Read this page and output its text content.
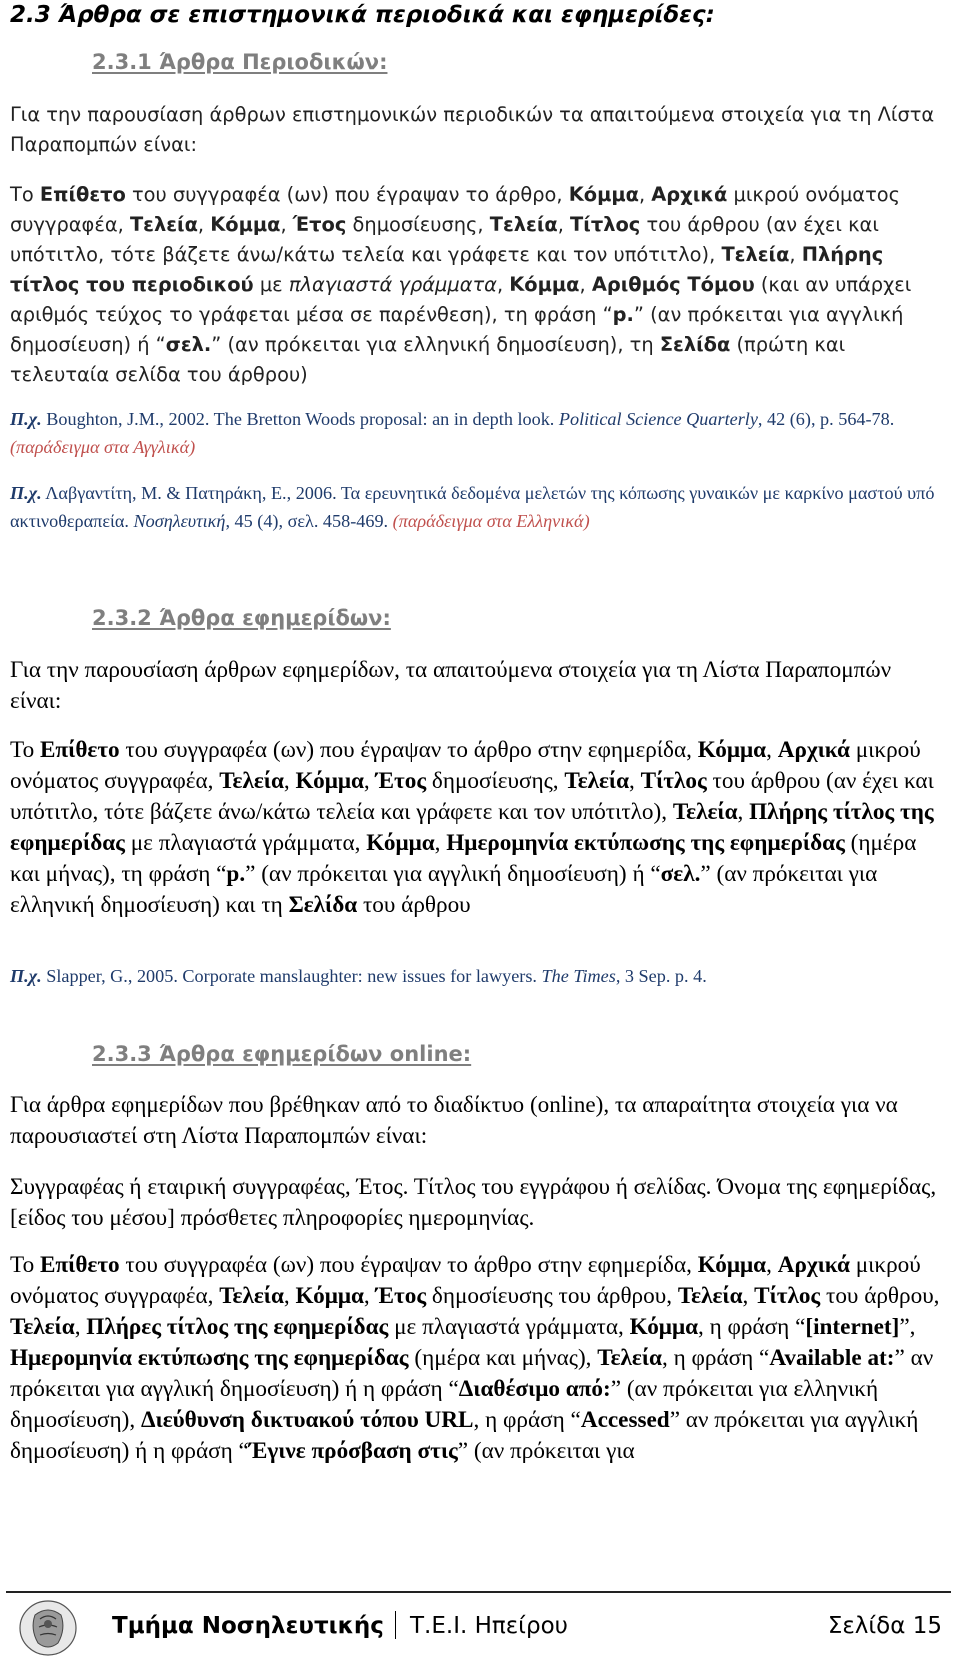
2.3 Άρθρα σε επιστημονικά περιοδικά και εφημερίδες:
2.3.1 Άρθρα Περιοδικών:

Για την παρουσίαση άρθρων επιστημονικών περιοδικών τα απαιτούμενα στοιχεία για τη Λίστα Παραπομπών είναι:

Το Επίθετο του συγγραφέα (ων) που έγραψαν το άρθρο, Κόμμα, Αρχικά μικρού ονόματος συγγραφέα, Τελεία, Κόμμα, Έτος δημοσίευσης, Τελεία, Τίτλος του άρθρου (αν έχει και υπότιτλο, τότε βάζετε άνω/κάτω τελεία και γράφετε και τον υπότιτλο), Τελεία, Πλήρης τίτλος του περιοδικού με πλαγιαστά γράμματα, Κόμμα, Αριθμός Τόμου (και αν υπάρχει αριθμός τεύχος το γράφεται μέσα σε παρένθεση), τη φράση “p.” (αν πρόκειται για αγγλική δημοσίευση) ή “σελ.” (αν πρόκειται για ελληνική δημοσίευση), τη Σελίδα (πρώτη και τελευταία σελίδα του άρθρου)

Π.χ. Boughton, J.M., 2002. The Bretton Woods proposal: an in depth look. Political Science Quarterly, 42 (6), p. 564-78. (παράδειγμα στα Αγγλικά)

Π.χ. Λαβγαντίτη, Μ. & Πατηράκη, Ε., 2006. Τα ερευνητικά δεδομένα μελετών της κόπωσης γυναικών με καρκίνο μαστού υπό ακτινοθεραπεία. Νοσηλευτική, 45 (4), σελ. 458-469. (παράδειγμα στα Ελληνικά)

2.3.2 Άρθρα εφημερίδων:

Για την παρουσίαση άρθρων εφημερίδων, τα απαιτούμενα στοιχεία για τη Λίστα Παραπομπών είναι:

Το Επίθετο του συγγραφέα (ων) που έγραψαν το άρθρο στην εφημερίδα, Κόμμα, Αρχικά μικρού ονόματος συγγραφέα, Τελεία, Κόμμα, Έτος δημοσίευσης, Τελεία, Τίτλος του άρθρου (αν έχει και υπότιτλο, τότε βάζετε άνω/κάτω τελεία και γράφετε και τον υπότιτλο), Τελεία, Πλήρης τίτλος της εφημερίδας με πλαγιαστά γράμματα, Κόμμα, Ημερομηνία εκτύπωσης της εφημερίδας (ημέρα και μήνας), τη φράση “p.” (αν πρόκειται για αγγλική δημοσίευση) ή “σελ.” (αν πρόκειται για ελληνική δημοσίευση) και τη Σελίδα του άρθρου

Π.χ. Slapper, G., 2005. Corporate manslaughter: new issues for lawyers. The Times, 3 Sep. p. 4.

2.3.3 Άρθρα εφημερίδων online:

Για άρθρα εφημερίδων που βρέθηκαν από το διαδίκτυο (online), τα απαραίτητα στοιχεία για να παρουσιαστεί στη Λίστα Παραπομπών είναι:

Συγγραφέας ή εταιρική συγγραφέας, Έτος. Τίτλος του εγγράφου ή σελίδας. Όνομα της εφημερίδας, [είδος του μέσου] πρόσθετες πληροφορίες ημερομηνίας.

Το Επίθετο του συγγραφέα (ων) που έγραψαν το άρθρο στην εφημερίδα, Κόμμα, Αρχικά μικρού ονόματος συγγραφέα, Τελεία, Κόμμα, Έτος δημοσίευσης του άρθρου, Τελεία, Τίτλος του άρθρου, Τελεία, Πλήρες τίτλος της εφημερίδας με πλαγιαστά γράμματα, Κόμμα, η φράση “[internet]”, Ημερομηνία εκτύπωσης της εφημερίδας (ημέρα και μήνας), Τελεία, η φράση “Available at:” αν πρόκειται για αγγλική δημοσίευση) ή η φράση “Διαθέσιμο από:” (αν πρόκειται για ελληνική δημοσίευση), Διεύθυνση δικτυακού τόπου URL, η φράση “Accessed” αν πρόκειται για αγγλική δημοσίευση) ή η φράση “Έγινε πρόσβαση στις” (αν πρόκειται για

Τμήμα Νοσηλευτικής Τ.Ε.Ι. Ηπείρου	Σελίδα 15
